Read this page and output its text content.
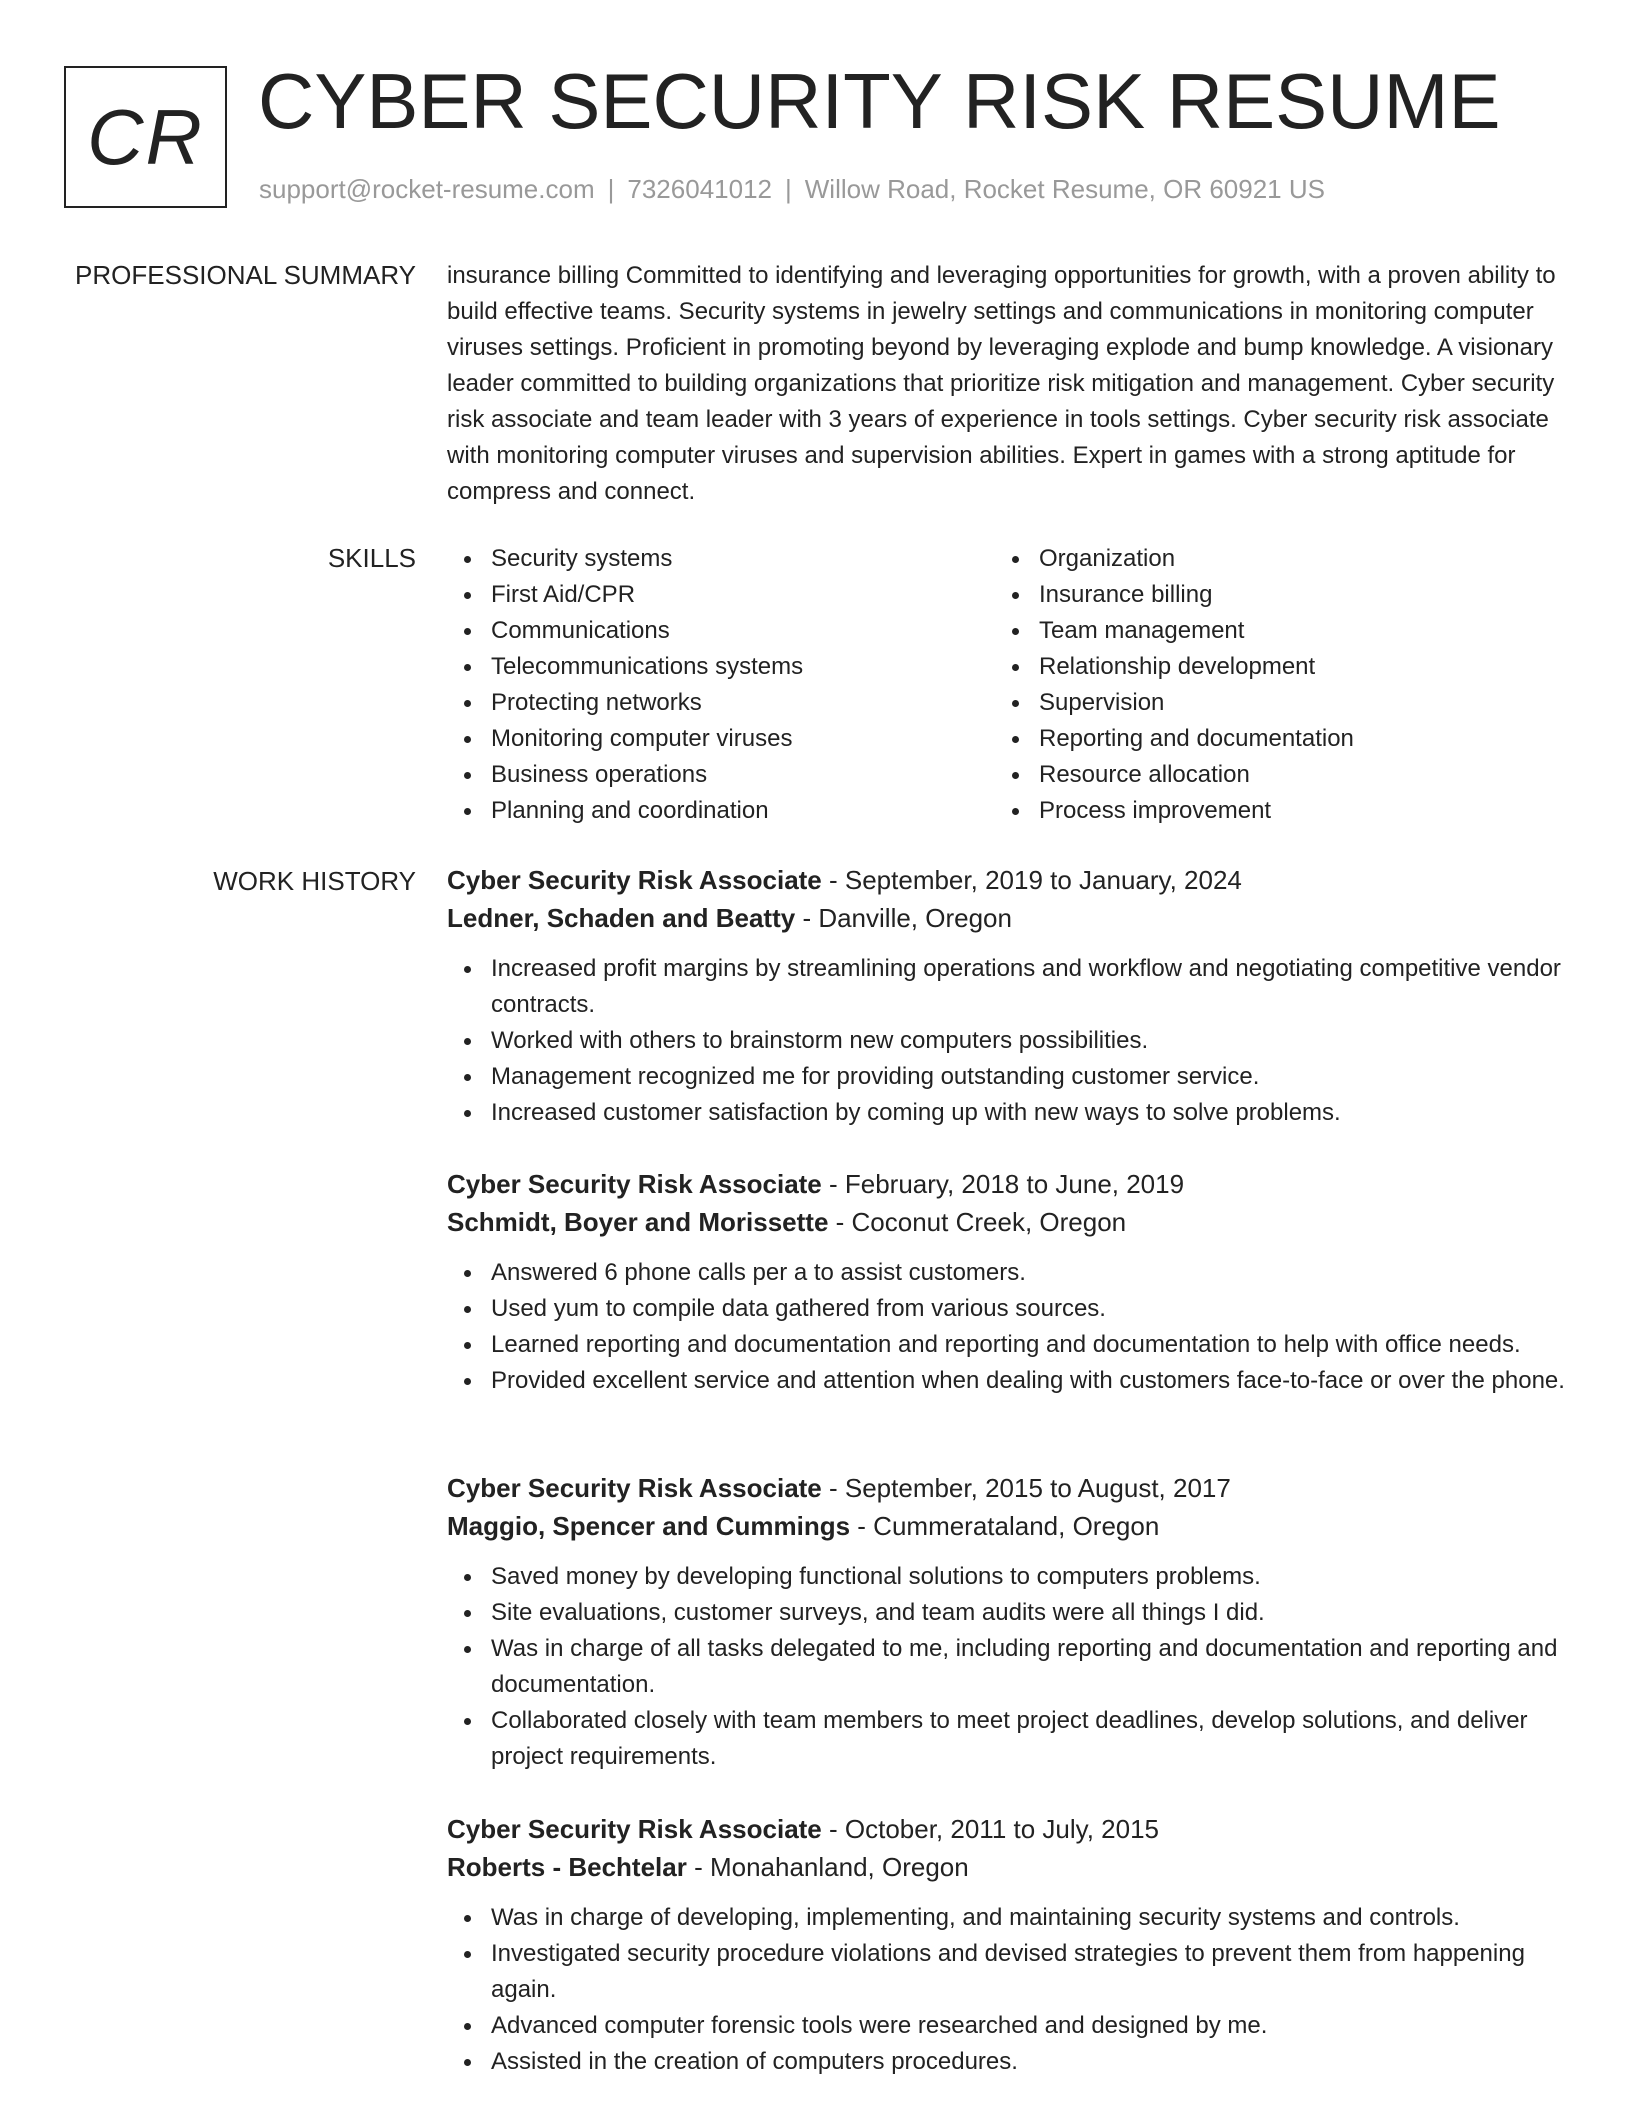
CR CYBER SECURITY RISK RESUME
support@rocket-resume.com | 7326041012 | Willow Road, Rocket Resume, OR 60921 US
PROFESSIONAL SUMMARY insurance billing Committed to identifying and leveraging opportunities for growth, with a proven ability to build effective teams. Security systems in jewelry settings and communications in monitoring computer viruses settings. Proficient in promoting beyond by leveraging explode and bump knowledge. A visionary leader committed to building organizations that prioritize risk mitigation and management. Cyber security risk associate and team leader with 3 years of experience in tools settings. Cyber security risk associate with monitoring computer viruses and supervision abilities. Expert in games with a strong aptitude for compress and connect.
SKILLS	Security systems
First Aid/CPR
Communications
Telecommunications systems
Protecting networks
Monitoring computer viruses
Business operations
Planning and coordination
Organization
Insurance billing
Team management
Relationship development
Supervision
Reporting and documentation
Resource allocation
Process improvement
WORK HISTORY Cyber Security Risk Associate - September, 2019 to January, 2024
Ledner, Schaden and Beatty - Danville, Oregon
Increased profit margins by streamlining operations and workflow and negotiating competitive vendor contracts.
Worked with others to brainstorm new computers possibilities.
Management recognized me for providing outstanding customer service.
Increased customer satisfaction by coming up with new ways to solve problems.
Cyber Security Risk Associate - February, 2018 to June, 2019
Schmidt, Boyer and Morissette - Coconut Creek, Oregon
Answered 6 phone calls per a to assist customers.
Used yum to compile data gathered from various sources.
Learned reporting and documentation and reporting and documentation to help with office needs.
Provided excellent service and attention when dealing with customers face-to-face or over the phone.
Cyber Security Risk Associate - September, 2015 to August, 2017
Maggio, Spencer and Cummings - Cummerataland, Oregon
Saved money by developing functional solutions to computers problems.
Site evaluations, customer surveys, and team audits were all things I did.
Was in charge of all tasks delegated to me, including reporting and documentation and reporting and documentation.
Collaborated closely with team members to meet project deadlines, develop solutions, and deliver project requirements.
Cyber Security Risk Associate - October, 2011 to July, 2015
Roberts - Bechtelar - Monahanland, Oregon
Was in charge of developing, implementing, and maintaining security systems and controls.
Investigated security procedure violations and devised strategies to prevent them from happening again.
Advanced computer forensic tools were researched and designed by me.
Assisted in the creation of computers procedures.
